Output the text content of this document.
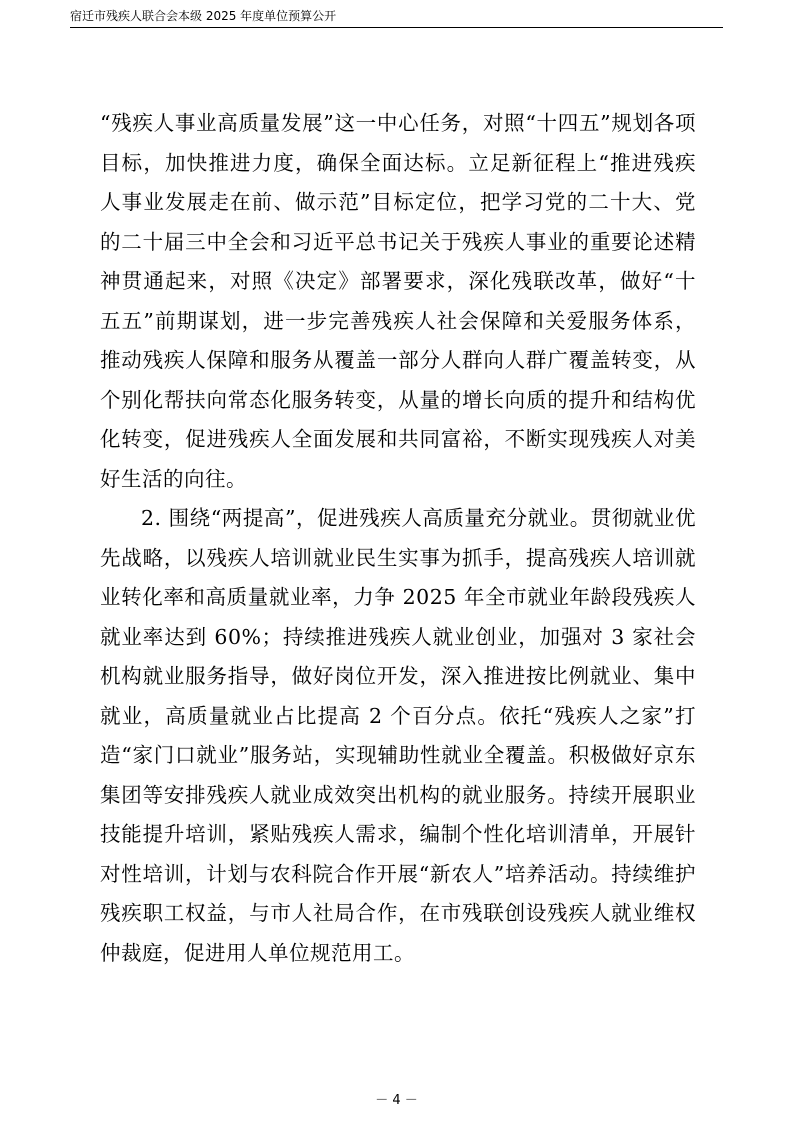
宿迁市残疾人联合会本级 2025 年度单位预算公开

“残疾人事业高质量发展”这一中心任务，对照“十四五”规划各项目标，加快推进力度，确保全面达标。立足新征程上“推进残疾人事业发展走在前、做示范”目标定位，把学习党的二十大、党的二十届三中全会和习近平总书记关于残疾人事业的重要论述精神贯通起来，对照《决定》部署要求，深化残联改革，做好“十五五”前期谋划，进一步完善残疾人社会保障和关爱服务体系，推动残疾人保障和服务从覆盖一部分人群向人群广覆盖转变，从个别化帮扶向常态化服务转变，从量的增长向质的提升和结构优化转变，促进残疾人全面发展和共同富裕，不断实现残疾人对美好生活的向往。

2. 围绕“两提高”，促进残疾人高质量充分就业。贯彻就业优先战略，以残疾人培训就业民生实事为抓手，提高残疾人培训就业转化率和高质量就业率，力争 2025 年全市就业年龄段残疾人就业率达到 60%；持续推进残疾人就业创业，加强对 3 家社会机构就业服务指导，做好岗位开发，深入推进按比例就业、集中就业，高质量就业占比提高 2 个百分点。依托“残疾人之家”打造“家门口就业”服务站，实现辅助性就业全覆盖。积极做好京东集团等安排残疾人就业成效突出机构的就业服务。持续开展职业技能提升培训，紧贴残疾人需求，编制个性化培训清单，开展针对性培训，计划与农科院合作开展“新农人”培养活动。持续维护残疾职工权益，与市人社局合作，在市残联创设残疾人就业维权仲裁庭，促进用人单位规范用工。

－ 4 －
